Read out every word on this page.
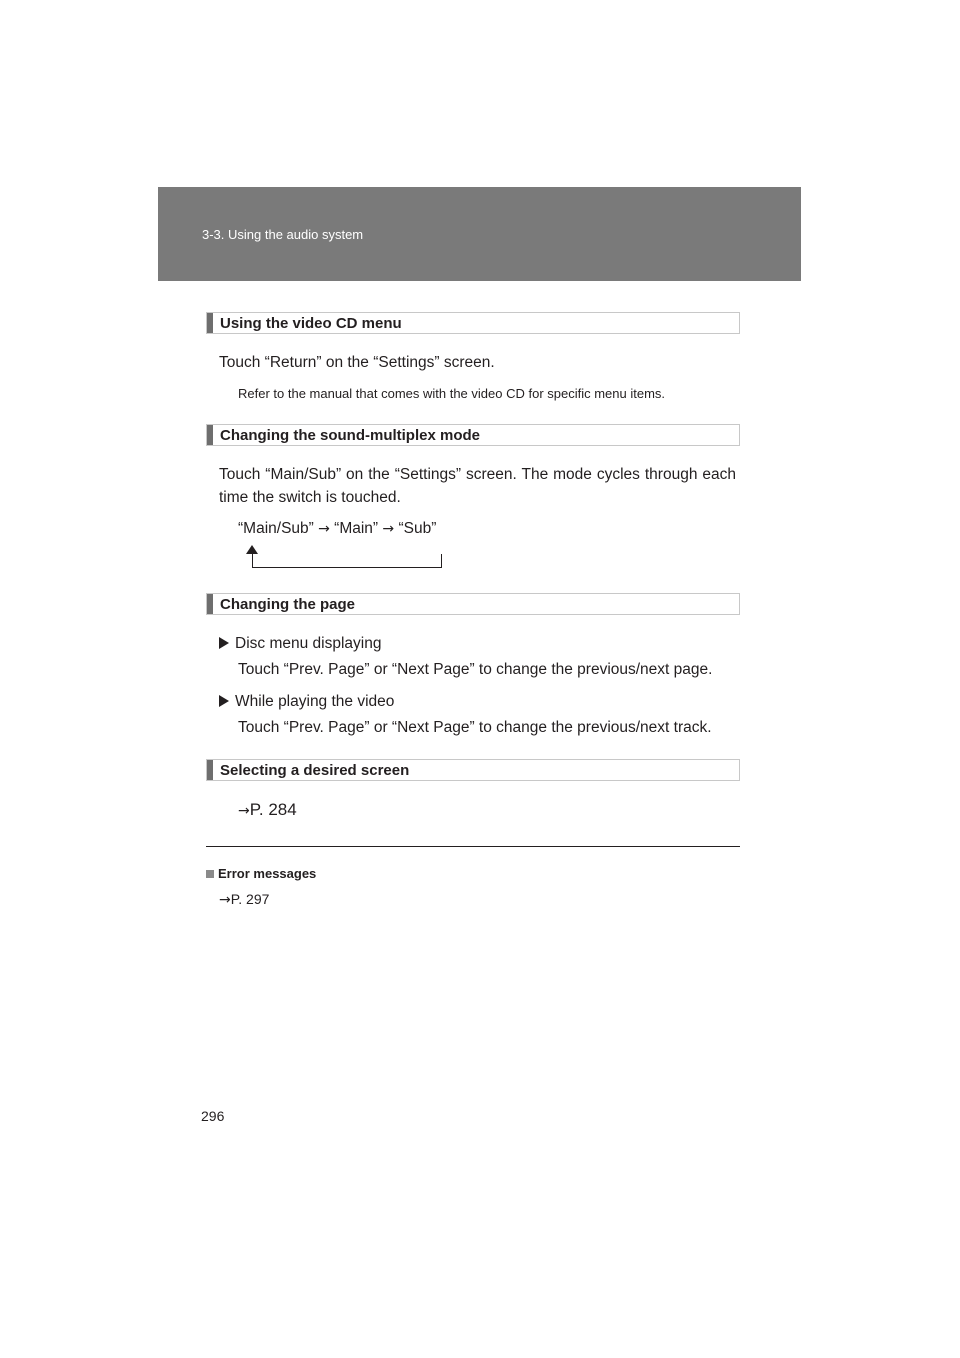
3-3. Using the audio system
Using the video CD menu
Touch “Return” on the “Settings” screen.
Refer to the manual that comes with the video CD for specific menu items.
Changing the sound-multiplex mode
Touch “Main/Sub” on the “Settings” screen. The mode cycles through each time the switch is touched.
“Main/Sub” → “Main” → “Sub”
Changing the page
Disc menu displaying
Touch “Prev. Page” or “Next Page” to change the previous/next page.
While playing the video
Touch “Prev. Page” or “Next Page” to change the previous/next track.
Selecting a desired screen
→P. 284
Error messages
→P. 297
296
